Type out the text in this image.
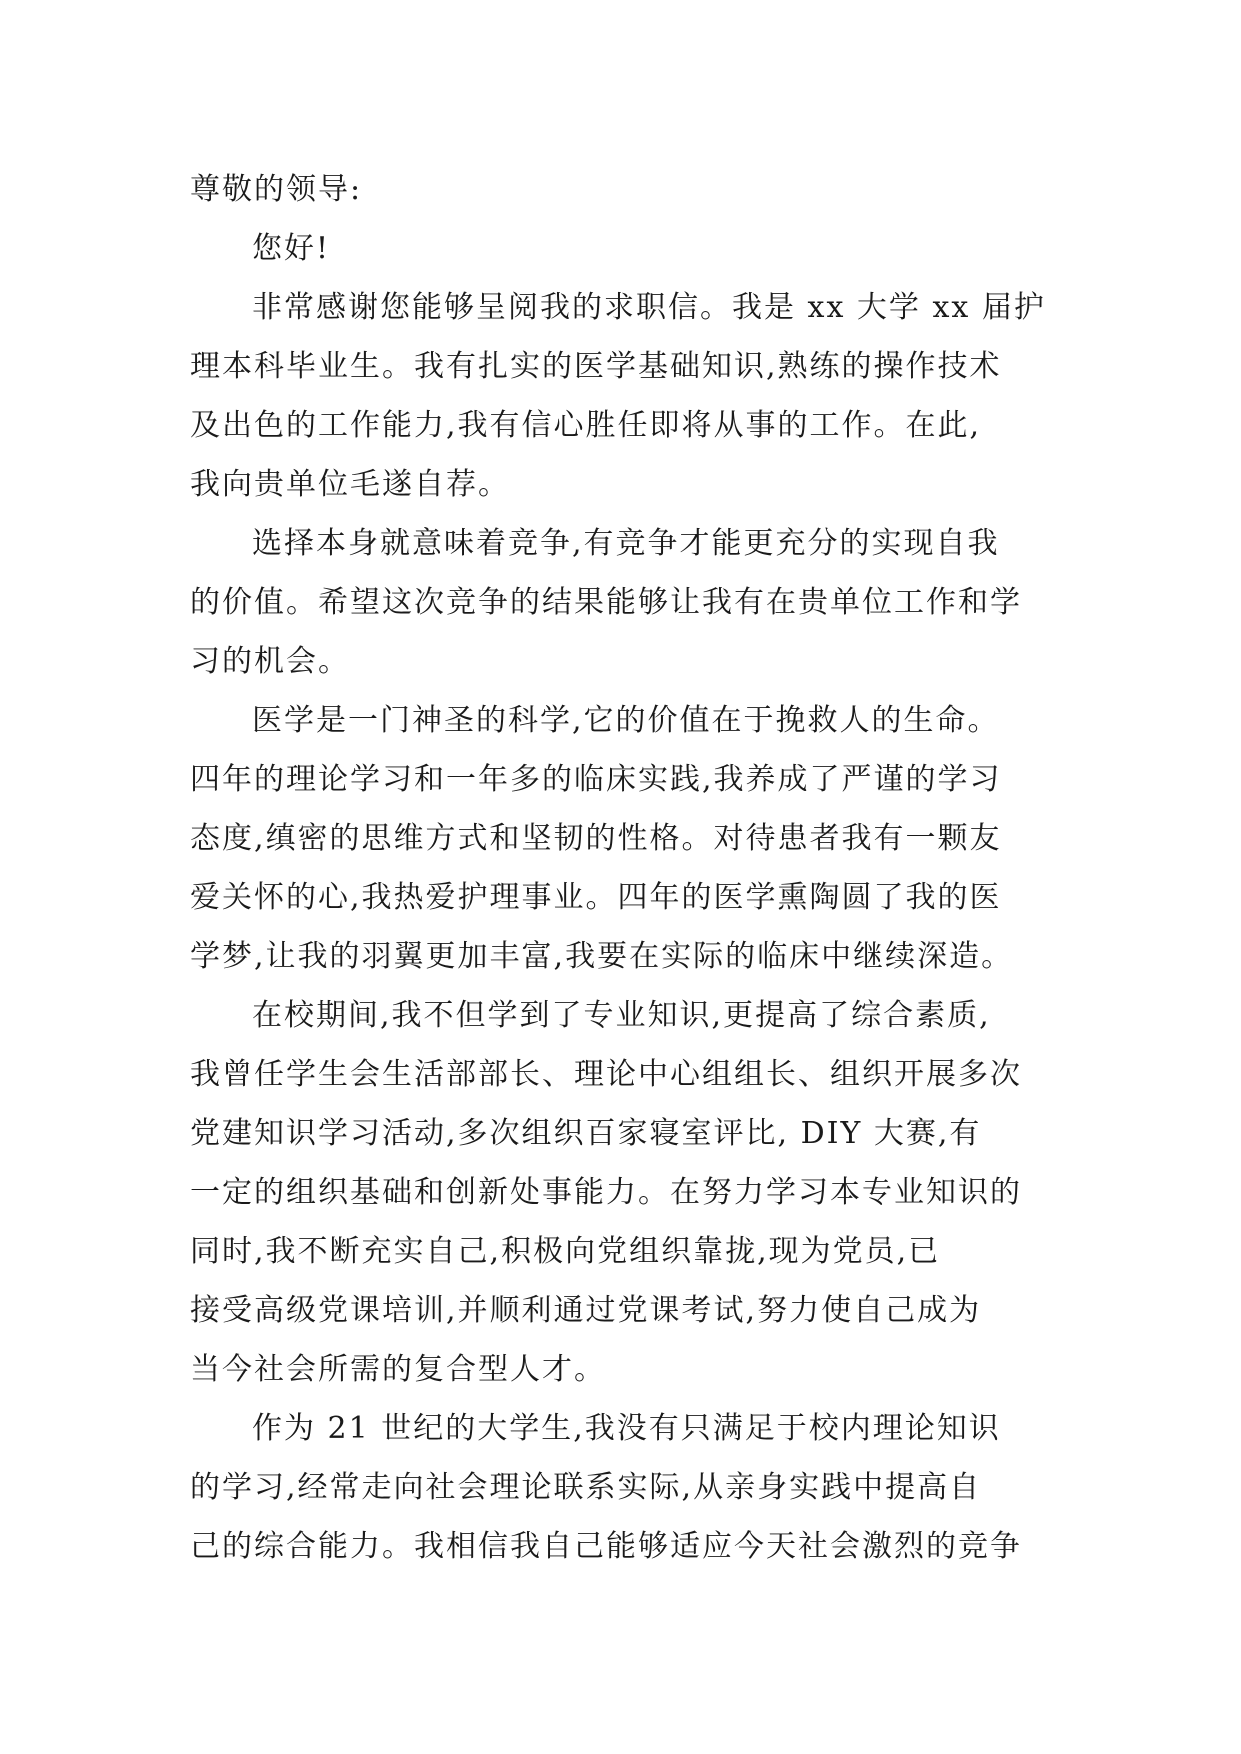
尊敬的领导:
您好!
非常感谢您能够呈阅我的求职信。我是 xx 大学 xx 届护
理本科毕业生。我有扎实的医学基础知识,熟练的操作技术
及出色的工作能力,我有信心胜任即将从事的工作。在此,
我向贵单位毛遂自荐。
选择本身就意味着竞争,有竞争才能更充分的实现自我
的价值。希望这次竞争的结果能够让我有在贵单位工作和学
习的机会。
医学是一门神圣的科学,它的价值在于挽救人的生命。
四年的理论学习和一年多的临床实践,我养成了严谨的学习
态度,缜密的思维方式和坚韧的性格。对待患者我有一颗友
爱关怀的心,我热爱护理事业。四年的医学熏陶圆了我的医
学梦,让我的羽翼更加丰富,我要在实际的临床中继续深造。
在校期间,我不但学到了专业知识,更提高了综合素质,
我曾任学生会生活部部长、理论中心组组长、组织开展多次
党建知识学习活动,多次组织百家寝室评比, DIY 大赛,有
一定的组织基础和创新处事能力。在努力学习本专业知识的
同时,我不断充实自己,积极向党组织靠拢,现为党员,已
接受高级党课培训,并顺利通过党课考试,努力使自己成为
当今社会所需的复合型人才。
作为 21 世纪的大学生,我没有只满足于校内理论知识
的学习,经常走向社会理论联系实际,从亲身实践中提高自
己的综合能力。我相信我自己能够适应今天社会激烈的竞争
